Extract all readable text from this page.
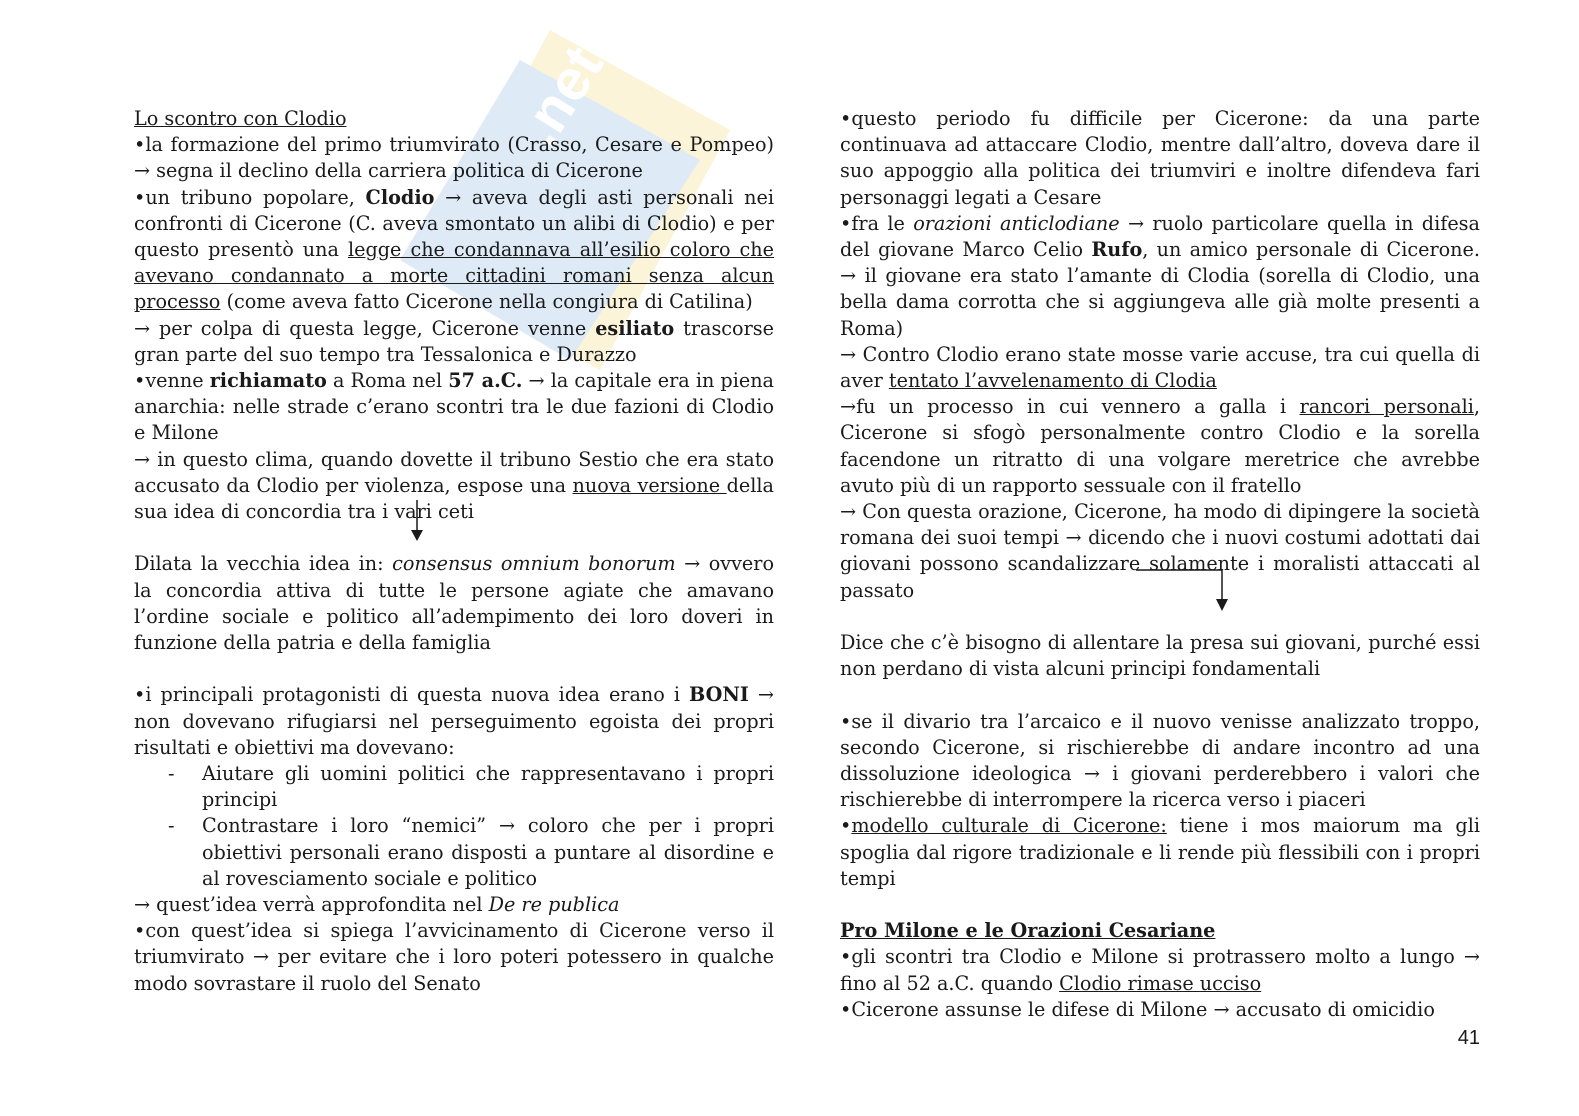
.net

Lo scontro con Clodio

•la formazione del primo triumvirato (Crasso, Cesare e Pompeo) → segna il declino della carriera politica di Cicerone

•un tribuno popolare, Clodio → aveva degli asti personali nei confronti di Cicerone (C. aveva smontato un alibi di Clodio) e per questo presentò una legge che condannava all’esilio coloro che avevano condannato a morte cittadini romani senza alcun processo (come aveva fatto Cicerone nella congiura di Catilina)

→ per colpa di questa legge, Cicerone venne esiliato trascorse gran parte del suo tempo tra Tessalonica e Durazzo

•venne richiamato a Roma nel 57 a.C. → la capitale era in piena anarchia: nelle strade c’erano scontri tra le due fazioni di Clodio e Milone

→ in questo clima, quando dovette il tribuno Sestio che era stato accusato da Clodio per violenza, espose una nuova versione della sua idea di concordia tra i vari ceti

Dilata la vecchia idea in: consensus omnium bonorum → ovvero la concordia attiva di tutte le persone agiate che amavano l’ordine sociale e politico all’adempimento dei loro doveri in funzione della patria e della famiglia

•i principali protagonisti di questa nuova idea erano i BONI → non dovevano rifugiarsi nel perseguimento egoista dei propri risultati e obiettivi ma dovevano:

- Aiutare gli uomini politici che rappresentavano i propri principi
- Contrastare i loro “nemici” → coloro che per i propri obiettivi personali erano disposti a puntare al disordine e al rovesciamento sociale e politico

→ quest’idea verrà approfondita nel De re publica

•con quest’idea si spiega l’avvicinamento di Cicerone verso il triumvirato → per evitare che i loro poteri potessero in qualche modo sovrastare il ruolo del Senato

•questo periodo fu difficile per Cicerone: da una parte continuava ad attaccare Clodio, mentre dall’altro, doveva dare il suo appoggio alla politica dei triumviri e inoltre difendeva fari personaggi legati a Cesare

•fra le orazioni anticlodiane → ruolo particolare quella in difesa del giovane Marco Celio Rufo, un amico personale di Cicerone. → il giovane era stato l’amante di Clodia (sorella di Clodio, una bella dama corrotta che si aggiungeva alle già molte presenti a Roma)

→ Contro Clodio erano state mosse varie accuse, tra cui quella di aver tentato l’avvelenamento di Clodia

→fu un processo in cui vennero a galla i rancori personali, Cicerone si sfogò personalmente contro Clodio e la sorella facendone un ritratto di una volgare meretrice che avrebbe avuto più di un rapporto sessuale con il fratello

→ Con questa orazione, Cicerone, ha modo di dipingere la società romana dei suoi tempi → dicendo che i nuovi costumi adottati dai giovani possono scandalizzare solamente i moralisti attaccati al passato

Dice che c’è bisogno di allentare la presa sui giovani, purché essi non perdano di vista alcuni principi fondamentali

•se il divario tra l’arcaico e il nuovo venisse analizzato troppo, secondo Cicerone, si rischierebbe di andare incontro ad una dissoluzione ideologica → i giovani perderebbero i valori che rischierebbe di interrompere la ricerca verso i piaceri

•modello culturale di Cicerone: tiene i mos maiorum ma gli spoglia dal rigore tradizionale e li rende più flessibili con i propri tempi

Pro Milone e le Orazioni Cesariane

•gli scontri tra Clodio e Milone si protrassero molto a lungo → fino al 52 a.C. quando Clodio rimase ucciso

•Cicerone assunse le difese di Milone → accusato di omicidio

41
